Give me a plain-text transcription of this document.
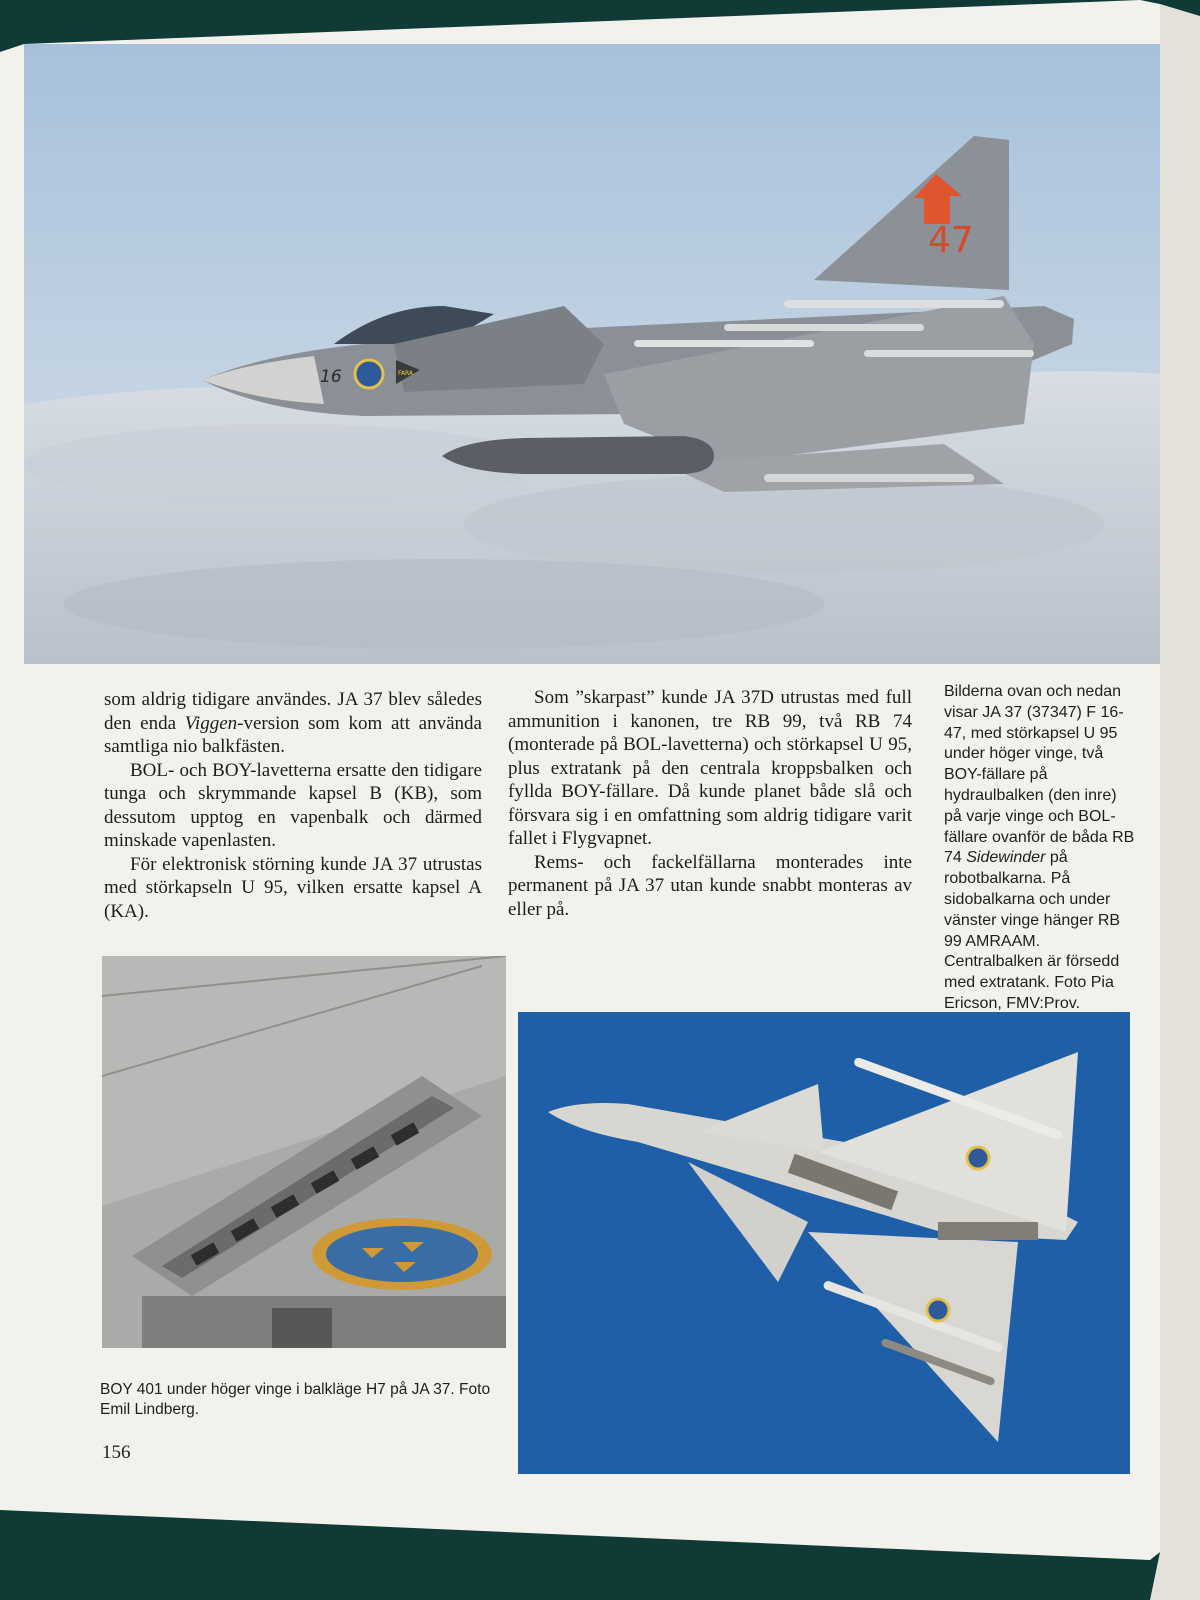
47
16	FARA

som aldrig tidigare användes. JA 37 blev således den enda Viggen-version som kom att använda samtliga nio balkfästen.

BOL- och BOY-lavetterna ersatte den tidigare tunga och skrymmande kapsel B (KB), som dessutom upptog en vapenbalk och därmed minskade vapenlasten.

För elektronisk störning kunde JA 37 utrustas med störkapseln U 95, vilken ersatte kapsel A (KA).

Som ”skarpast” kunde JA 37D utrustas med full ammunition i kanonen, tre RB 99, två RB 74 (monterade på BOL-lavetterna) och störkapsel U 95, plus extratank på den centrala kroppsbalken och fyllda BOY-fällare. Då kunde planet både slå och försvara sig i en omfattning som aldrig tidigare varit fallet i Flygvapnet.

Rems- och fackelfällarna monterades inte permanent på JA 37 utan kunde snabbt monteras av eller på.

Bilderna ovan och nedan visar JA 37 (37347) F 16-47, med störkapsel U 95 under höger vinge, två BOY-fällare på hydraulbalken (den inre) på varje vinge och BOL-fällare ovanför de båda RB 74 Sidewinder på robotbalkarna. På sidobalkarna och under vänster vinge hänger RB 99 AMRAAM. Centralbalken är försedd med extratank. Foto Pia Ericson, FMV:Prov.

BOY 401 under höger vinge i balkläge H7 på JA 37. Foto Emil Lindberg.

156
